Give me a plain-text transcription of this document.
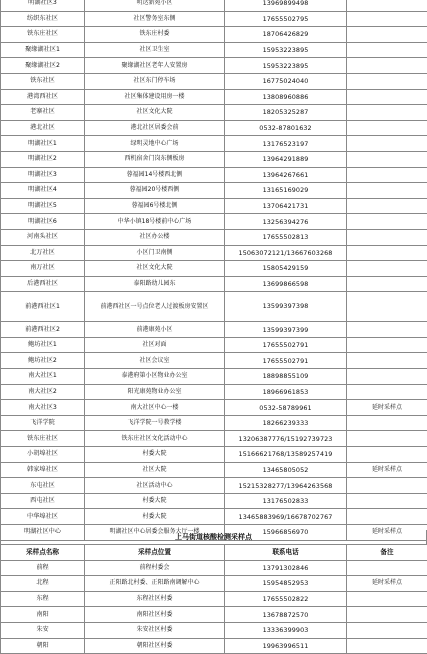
明湖社区3	明达新苑小区	13969899498	
纺织东社区	社区警务室东侧	17655502795	
铁东庄社区	铁东庄村委	18706426829	
聚缘湖社区1	社区卫生室	15953223895	
聚缘湖社区2	聚缘湖社区老年人安置房	15953223895	
铁东社区	社区东门停车场	16775024040	
港湾西社区	社区集体建设用房一楼	13808960886	
老寨社区	社区文化大院	18205325287	
港北社区	港北社区居委会前	0532-87801632	
明湖社区1	绿明灵地中心广场	13176523197	
明湖社区2	西机宿舍门岗东侧板房	13964291889	
明湖社区3	蓉福园14号楼西北侧	13964267661	
明湖社区4	蓉福园20号楼西侧	13165169029	
明湖社区5	蓉福园6号楼北侧	13706421731	
明湖社区6	中华小镇18号楼前中心广场	13256394276	
河南头社区	社区办公楼	17655502813	
北万社区	小区门卫南侧	15063072121/13667603268	
南万社区	社区文化大院	15805429159	
后港西社区	泰阳路幼儿园东	13699866598	
前港西社区1	前港西社区一号点位老人过渡板房安置区	13599397398	
前港西社区2	前港康苑小区	13599397399	
鲍坊社区1	社区对面	17655502791	
鲍坊社区2	社区会议室	17655502791	
南大社区1	泰港府第小区物业办公室	18898855109	
南大社区2	阳光康苑物业办公室	18966961853	
南大社区3	南大社区中心一楼	0532-58789961	延时采样点
飞洋学院	飞洋学院一号教学楼	18266239333	
铁东庄社区	铁东庄社区文化活动中心	13206387776/15192739723	
小胡埠社区	村委大院	15166621768/13589257419	
韩家埠社区	社区大院	13465805052	延时采样点
东屯社区	社区活动中心	15215328277/13964263568	
西屯社区	村委大院	13176502833	
中华埠社区	村委大院	13465883969/16678702767	
明湖社区中心	明湖社区中心居委会服务大厅一楼	15966856970	延时采样点
上马街道核酸检测采样点
采样点名称	采样点位置	联系电话	备注
前程	前程村委会	13791302846	
北程	正阳路北村委、正阳路南调解中心	15954852953	延时采样点
东程	东程社区村委	17655502822	
南阳	南阳社区村委	13678872570	
朱安	朱安社区村委	13336399903	
朝阳	朝阳社区村委	19963996511	
